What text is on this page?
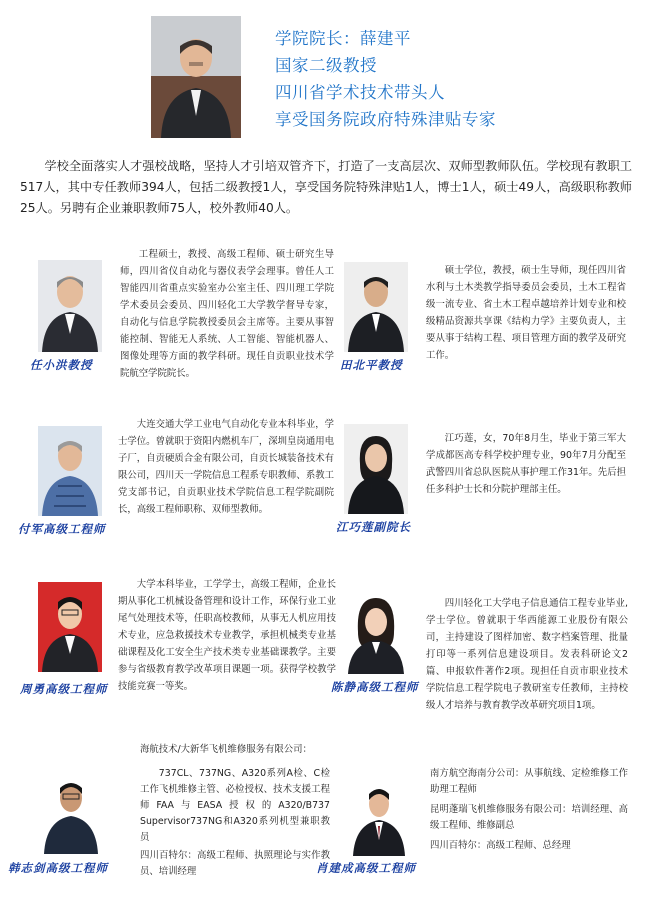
学院院长：薛建平
国家二级教授
四川省学术技术带头人
享受国务院政府特殊津贴专家
学校全面落实人才强校战略，坚持人才引培双管齐下，打造了一支高层次、双师型教师队伍。学校现有教职工517人，其中专任教师394人，包括二级教授1人，享受国务院特殊津贴1人，博士1人，硕士49人，高级职称教师25人。另聘有企业兼职教师75人，校外教师40人。
任小洪教授

工程硕士，教授、高级工程师、硕士研究生导师，四川省仪自动化与器仪表学会理事。曾任人工智能四川省重点实验室办公室主任、四川理工学院学术委员会委员、四川轻化工大学教学督导专家，自动化与信息学院教授委员会主席等。主要从事智能控制、智能无人系统、人工智能、智能机器人、图像处理等方面的教学科研。现任自贡职业技术学院航空学院院长。

田北平教授

硕士学位，教授，硕士生导师，现任四川省水利与土木类教学指导委员会委员，土木工程省级一流专业、省土木工程卓越培养计划专业和校级精品资源共享课《结构力学》主要负责人，主要从事于结构工程、项目管理方面的教学及研究工作。

付军高级工程师

大连交通大学工业电气自动化专业本科毕业，学士学位。曾就职于资阳内燃机车厂，深圳皇岗通用电子厂，自贡硬质合金有限公司，自贡长城装备技术有限公司，四川天一学院信息工程系专职教师、系教工党支部书记，自贡职业技术学院信息工程学院副院长，高级工程师职称、双师型教师。

江巧莲副院长

江巧莲，女，70年8月生，毕业于第三军大学成都医高专科学校护理专业，90年7月分配至武警四川省总队医院从事护理工作31年。先后担任多科护士长和分院护理部主任。

周勇高级工程师

大学本科毕业，工学学士，高级工程师，企业长期从事化工机械设备管理和设计工作，环保行业工业尾气处理技术等，任职高校教师，从事无人机应用技术专业，应急救援技术专业教学，承担机械类专业基础课程及化工安全生产技术类专业基础课教学。主要参与省级教育教学改革项目课题一项。获得学校教学技能竞赛一等奖。	陈静高级工程师

四川轻化工大学电子信息通信工程专业毕业,学士学位。曾就职于华西能源工业股份有限公司，主持建设了图样加密、数字档案管理、批量打印等一系列信息建设项目。发表科研论文2篇、申报软件著作2项。现担任自贡市职业技术学院信息工程学院电子教研室专任教师，主持校级人才培养与教育教学改革研究项目1项。

韩志剑高级工程师

海航技术/大新华飞机维修服务有限公司：

737CL、737NG、A320系列A检、C检工作飞机维修主管、必检授权、技术支援工程师FAA与EASA授权的A320/B737 Supervisor737NG和A320系列机型兼职教员

四川百特尔：高级工程师、执照理论与实作教员、培训经理	肖建成高级工程师

南方航空海南分公司：从事航线、定检维修工作 助理工程师

昆明蓬瑞飞机维修服务有限公司：培训经理、高级工程师、维修副总

四川百特尔：高级工程师、总经理
